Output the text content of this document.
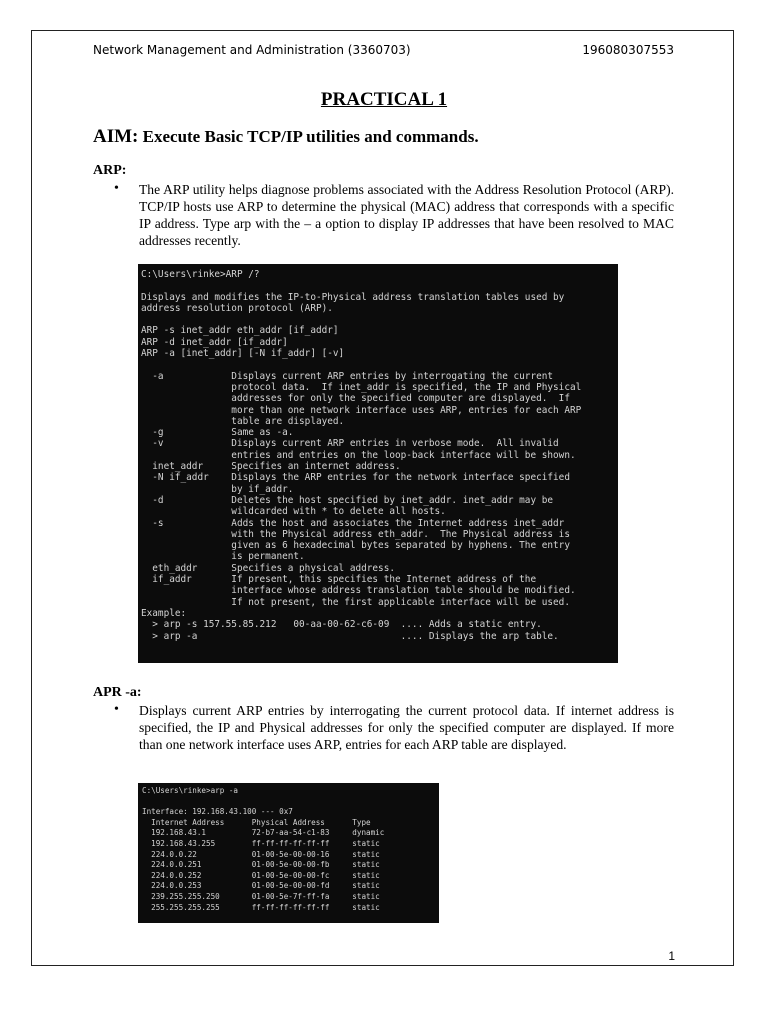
Network Management and Administration (3360703)	196080307553
PRACTICAL 1
AIM: Execute Basic TCP/IP utilities and commands.
ARP:
• The ARP utility helps diagnose problems associated with the Address Resolution Protocol (ARP). TCP/IP hosts use ARP to determine the physical (MAC) address that corresponds with a specific IP address. Type arp with the – a option to display IP addresses that have been resolved to MAC addresses recently.

C:\Users\rinke>ARP /?
Displays and modifies the IP-to-Physical address translation tables used by
address resolution protocol (ARP).
ARP -s inet_addr eth_addr [if_addr]
ARP -d inet_addr [if_addr]
ARP -a [inet_addr] [-N if_addr] [-v]
-a            Displays current ARP entries by interrogating the current
protocol data.  If inet_addr is specified, the IP and Physical
addresses for only the specified computer are displayed.  If
more than one network interface uses ARP, entries for each ARP
table are displayed.
-g            Same as -a.
-v            Displays current ARP entries in verbose mode.  All invalid
entries and entries on the loop-back interface will be shown.
inet_addr     Specifies an internet address.
-N if_addr    Displays the ARP entries for the network interface specified
by if_addr.
-d            Deletes the host specified by inet_addr. inet_addr may be
wildcarded with * to delete all hosts.
-s            Adds the host and associates the Internet address inet_addr
with the Physical address eth_addr.  The Physical address is
given as 6 hexadecimal bytes separated by hyphens. The entry
is permanent.
eth_addr      Specifies a physical address.
if_addr       If present, this specifies the Internet address of the
interface whose address translation table should be modified.
If not present, the first applicable interface will be used.
Example:
> arp -s 157.55.85.212   00-aa-00-62-c6-09  .... Adds a static entry.
> arp -a                                    .... Displays the arp table.

APR -a:
• Displays current ARP entries by interrogating the current protocol data. If internet address is specified, the IP and Physical addresses for only the specified computer are displayed. If more than one network interface uses ARP, entries for each ARP table are displayed.

C:\Users\rinke>arp -a
Interface: 192.168.43.100 --- 0x7
Internet Address      Physical Address      Type
192.168.43.1          72-b7-aa-54-c1-83     dynamic
192.168.43.255        ff-ff-ff-ff-ff-ff     static
224.0.0.22            01-00-5e-00-00-16     static
224.0.0.251           01-00-5e-00-00-fb     static
224.0.0.252           01-00-5e-00-00-fc     static
224.0.0.253           01-00-5e-00-00-fd     static
239.255.255.250       01-00-5e-7f-ff-fa     static
255.255.255.255       ff-ff-ff-ff-ff-ff     static

1
